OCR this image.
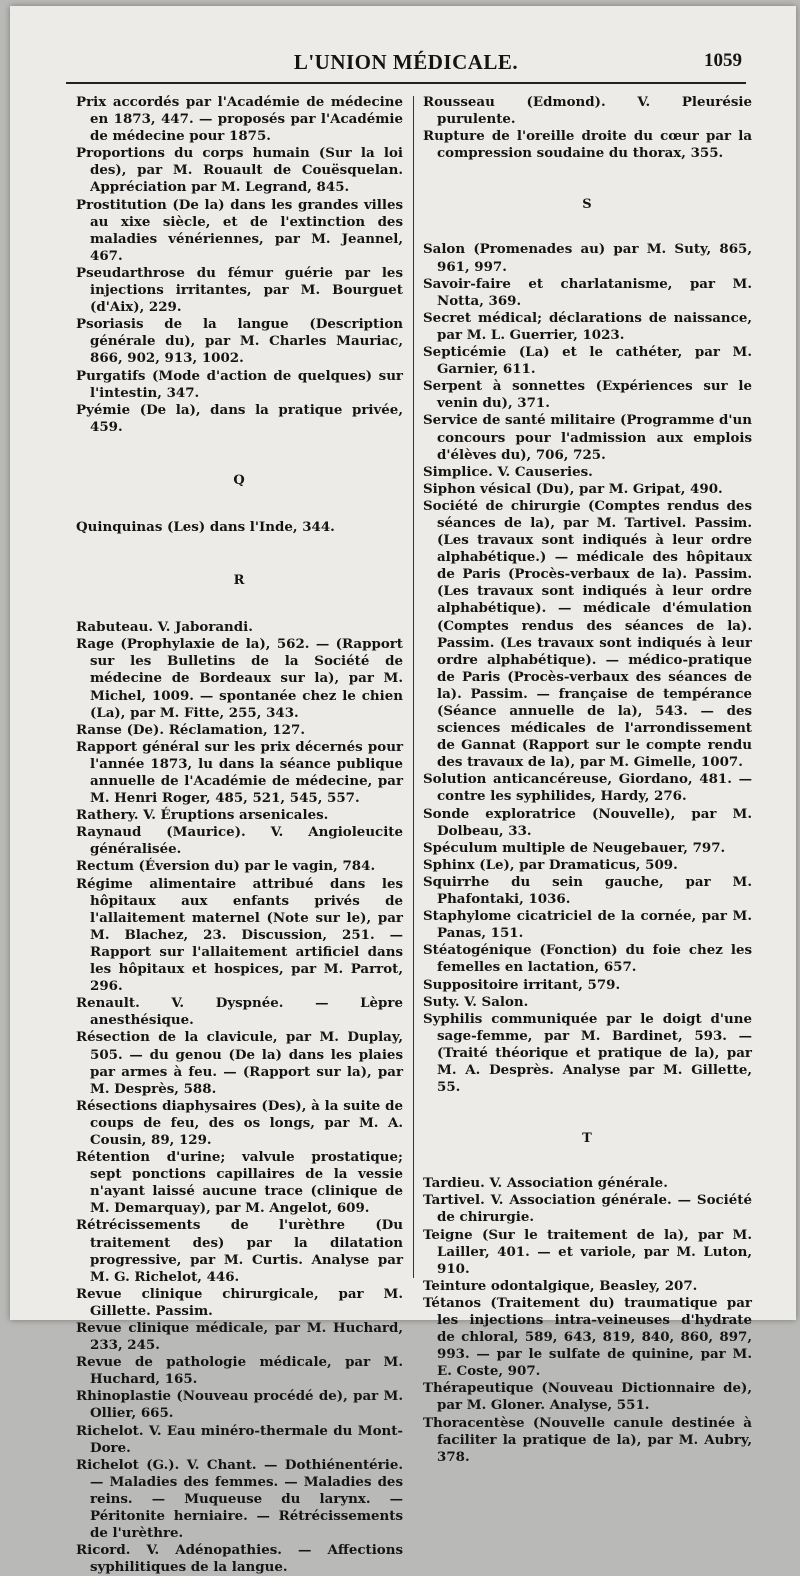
L'UNION MÉDICALE.	1059
Prix accordés par l'Académie de médecine en 1873, 447. — proposés par l'Académie de médecine pour 1875.
Proportions du corps humain (Sur la loi des), par M. Rouault de Couësquelan. Appréciation par M. Legrand, 845.
Prostitution (De la) dans les grandes villes au xixe siècle, et de l'extinction des maladies vénériennes, par M. Jeannel, 467.
Pseudarthrose du fémur guérie par les injections irritantes, par M. Bourguet (d'Aix), 229.
Psoriasis de la langue (Description générale du), par M. Charles Mauriac, 866, 902, 913, 1002.
Purgatifs (Mode d'action de quelques) sur l'intestin, 347.
Pyémie (De la), dans la pratique privée, 459.
Q
Quinquinas (Les) dans l'Inde, 344.
R
Rabuteau. V. Jaborandi.
Rage (Prophylaxie de la), 562. — (Rapport sur les Bulletins de la Société de médecine de Bordeaux sur la), par M. Michel, 1009. — spontanée chez le chien (La), par M. Fitte, 255, 343.
Ranse (De). Réclamation, 127.
Rapport général sur les prix décernés pour l'année 1873, lu dans la séance publique annuelle de l'Académie de médecine, par M. Henri Roger, 485, 521, 545, 557.
Rathery. V. Éruptions arsenicales.
Raynaud (Maurice). V. Angioleucite généralisée.
Rectum (Éversion du) par le vagin, 784.
Régime alimentaire attribué dans les hôpitaux aux enfants privés de l'allaitement maternel (Note sur le), par M. Blachez, 23. Discussion, 251. — Rapport sur l'allaitement artificiel dans les hôpitaux et hospices, par M. Parrot, 296.
Renault. V. Dyspnée. — Lèpre anesthésique.
Résection de la clavicule, par M. Duplay, 505. — du genou (De la) dans les plaies par armes à feu. — (Rapport sur la), par M. Desprès, 588.
Résections diaphysaires (Des), à la suite de coups de feu, des os longs, par M. A. Cousin, 89, 129.
Rétention d'urine; valvule prostatique; sept ponctions capillaires de la vessie n'ayant laissé aucune trace (clinique de M. Demarquay), par M. Angelot, 609.
Rétrécissements de l'urèthre (Du traitement des) par la dilatation progressive, par M. Curtis. Analyse par M. G. Richelot, 446.
Revue clinique chirurgicale, par M. Gillette. Passim.
Revue clinique médicale, par M. Huchard, 233, 245.
Revue de pathologie médicale, par M. Huchard, 165.
Rhinoplastie (Nouveau procédé de), par M. Ollier, 665.
Richelot. V. Eau minéro-thermale du Mont-Dore.
Richelot (G.). V. Chant. — Dothiénentérie. — Maladies des femmes. — Maladies des reins. — Muqueuse du larynx. — Péritonite herniaire. — Rétrécissements de l'urèthre.
Ricord. V. Adénopathies. — Affections syphilitiques de la langue.
Rousseau (Edmond). V. Pleurésie purulente.
Rupture de l'oreille droite du cœur par la compression soudaine du thorax, 355.
S
Salon (Promenades au) par M. Suty, 865, 961, 997.
Savoir-faire et charlatanisme, par M. Notta, 369.
Secret médical; déclarations de naissance, par M. L. Guerrier, 1023.
Septicémie (La) et le cathéter, par M. Garnier, 611.
Serpent à sonnettes (Expériences sur le venin du), 371.
Service de santé militaire (Programme d'un concours pour l'admission aux emplois d'élèves du), 706, 725.
Simplice. V. Causeries.
Siphon vésical (Du), par M. Gripat, 490.
Société de chirurgie (Comptes rendus des séances de la), par M. Tartivel. Passim. (Les travaux sont indiqués à leur ordre alphabétique.) — médicale des hôpitaux de Paris (Procès-verbaux de la). Passim. (Les travaux sont indiqués à leur ordre alphabétique). — médicale d'émulation (Comptes rendus des séances de la). Passim. (Les travaux sont indiqués à leur ordre alphabétique). — médico-pratique de Paris (Procès-verbaux des séances de la). Passim. — française de tempérance (Séance annuelle de la), 543. — des sciences médicales de l'arrondissement de Gannat (Rapport sur le compte rendu des travaux de la), par M. Gimelle, 1007.
Solution anticancéreuse, Giordano, 481. — contre les syphilides, Hardy, 276.
Sonde exploratrice (Nouvelle), par M. Dolbeau, 33.
Spéculum multiple de Neugebauer, 797.
Sphinx (Le), par Dramaticus, 509.
Squirrhe du sein gauche, par M. Phafontaki, 1036.
Staphylome cicatriciel de la cornée, par M. Panas, 151.
Stéatogénique (Fonction) du foie chez les femelles en lactation, 657.
Suppositoire irritant, 579.
Suty. V. Salon.
Syphilis communiquée par le doigt d'une sage-femme, par M. Bardinet, 593. — (Traité théorique et pratique de la), par M. A. Desprès. Analyse par M. Gillette, 55.
T
Tardieu. V. Association générale.
Tartivel. V. Association générale. — Société de chirurgie.
Teigne (Sur le traitement de la), par M. Lailler, 401. — et variole, par M. Luton, 910.
Teinture odontalgique, Beasley, 207.
Tétanos (Traitement du) traumatique par les injections intra-veineuses d'hydrate de chloral, 589, 643, 819, 840, 860, 897, 993. — par le sulfate de quinine, par M. E. Coste, 907.
Thérapeutique (Nouveau Dictionnaire de), par M. Gloner. Analyse, 551.
Thoracentèse (Nouvelle canule destinée à faciliter la pratique de la), par M. Aubry, 378.
